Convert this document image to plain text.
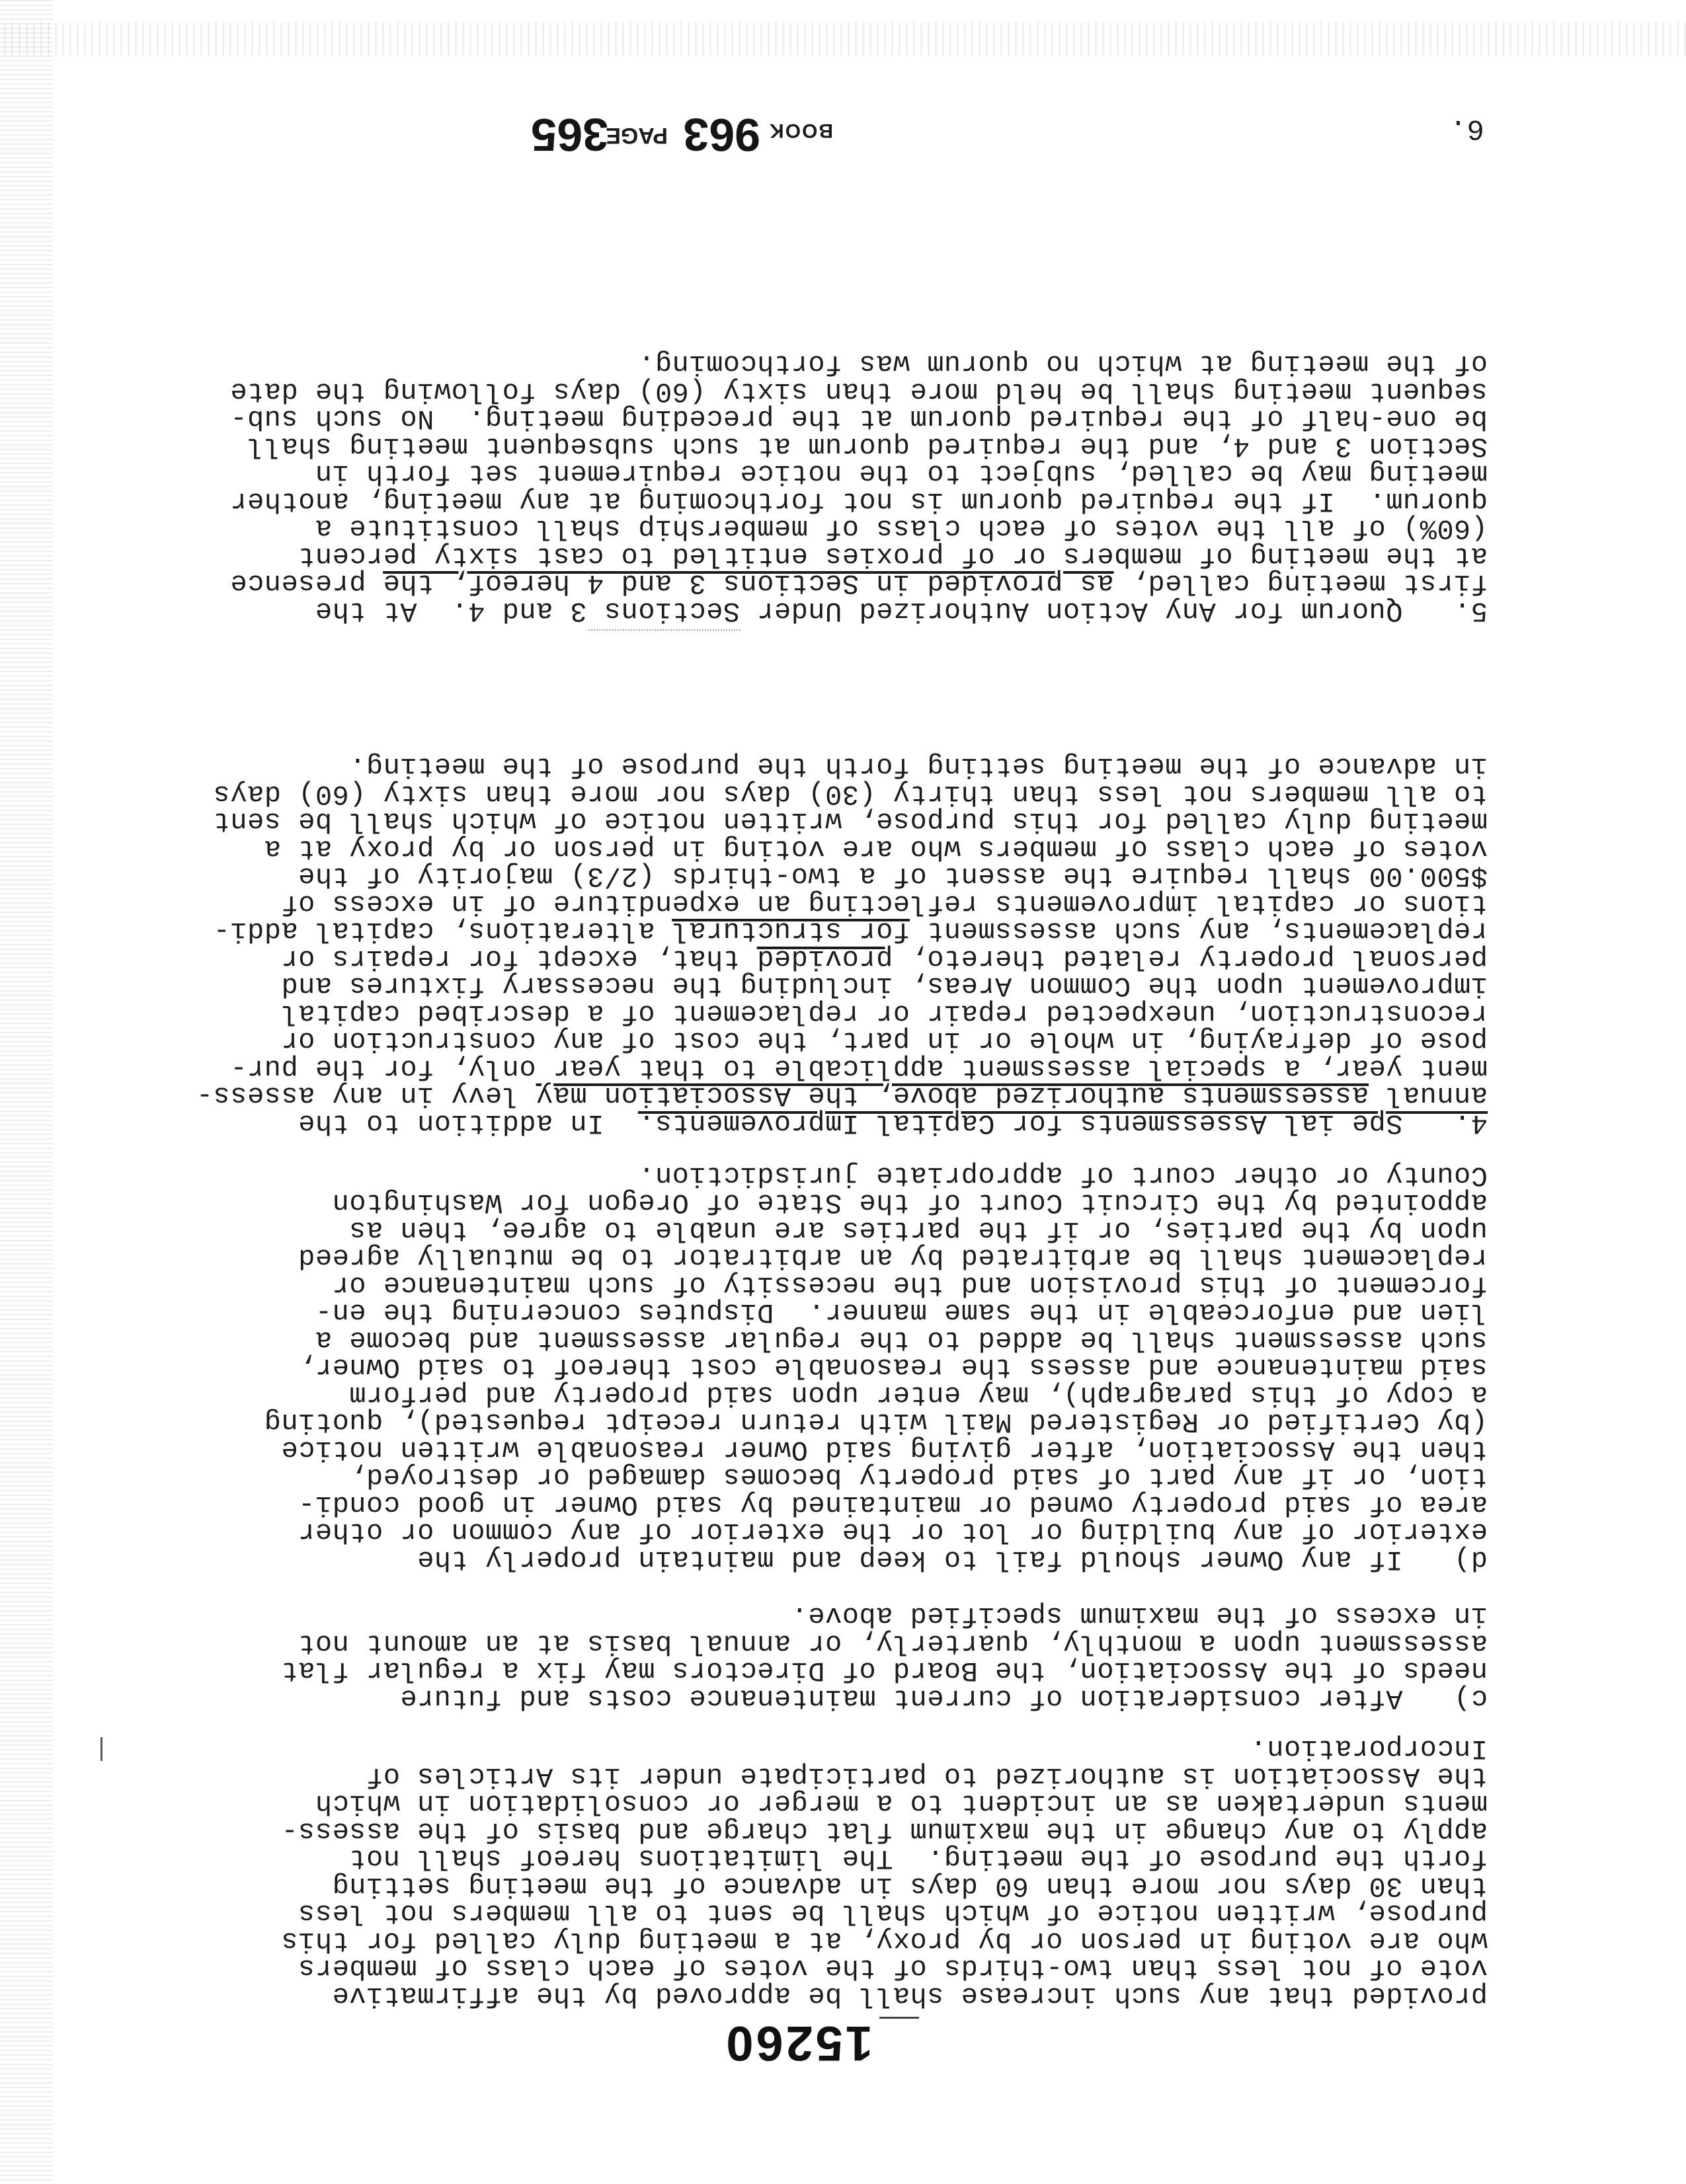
15260
provided that any such increase shall be approved by the affirmative
vote of not less than two-thirds of the votes of each class of members
who are voting in person or by proxy, at a meeting duly called for this
purpose, written notice of which shall be sent to all members not less
than 30 days nor more than 60 days in advance of the meeting setting
forth the purpose of the meeting.  The limitations hereof shall not
apply to any change in the maximum flat charge and basis of the assess-
ments undertaken as an incident to a merger or consolidation in which
the Association is authorized to participate under its Articles of
Incorporation.
c)   After consideration of current maintenance costs and future
needs of the Association, the Board of Directors may fix a regular flat
assessment upon a monthly, quarterly, or annual basis at an amount not
in excess of the maximum specified above.
d)   If any Owner should fail to keep and maintain properly the
exterior of any building or lot or the exterior of any common or other
area of said property owned or maintained by said Owner in good condi-
tion, or if any part of said property becomes damaged or destroyed,
then the Association, after giving said Owner reasonable written notice
(by Certified or Registered Mail with return receipt requested), quoting
a copy of this paragraph), may enter upon said property and perform
said maintenance and assess the reasonable cost thereof to said Owner,
such assessment shall be added to the regular assessment and become a
lien and enforceable in the same manner.  Disputes concerning the en-
forcement of this provision and the necessity of such maintenance or
replacement shall be arbitrated by an arbitrator to be mutually agreed
upon by the parties, or if the parties are unable to agree, then as
appointed by the Circuit Court of the State of Oregon for Washington
County or other court of appropriate jurisdiction.
4.   Spe ial Assessments for Capital Improvements.  In addition to the
annual assessments authorized above, the Association may levy in any assess-
ment year, a special assessment applicable to that year only, for the pur-
pose of defraying, in whole or in part, the cost of any construction or
reconstruction, unexpected repair or replacement of a described capital
improvement upon the Common Areas, including the necessary fixtures and
personal property related thereto, provided that, except for repairs or
replacements, any such assessment for structural alterations, capital addi-
tions or capital improvements reflecting an expenditure of in excess of
$500.00 shall require the assent of a two-thirds (2/3) majority of the
votes of each class of members who are voting in person or by proxy at a
meeting duly called for this purpose, written notice of which shall be sent
to all members not less than thirty (30) days nor more than sixty (60) days
in advance of the meeting setting forth the purpose of the meeting.
5.   Quorum for Any Action Authorized Under Sections 3 and 4.  At the
first meeting called, as provided in Sections 3 and 4 hereof, the presence
at the meeting of members or of proxies entitled to cast sixty percent
(60%) of all the votes of each class of membership shall constitute a
quorum.  If the required quorum is not forthcoming at any meeting, another
meeting may be called, subject to the notice requirement set forth in
Section 3 and 4, and the required quorum at such subsequent meeting shall
be one-half of the required quorum at the preceding meeting.  No such sub-
sequent meeting shall be held more than sixty (60) days following the date
of the meeting at which no quorum was forthcoming.
6.
BOOK
963
PAGE
365
